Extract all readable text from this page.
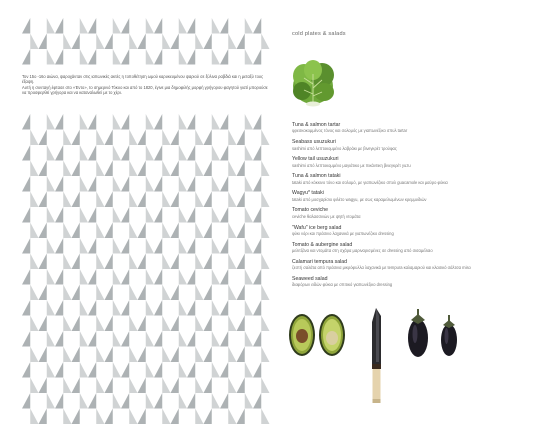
Τον 15ο -16ο αιώνα, ψαροχάνταν στις ιαπωνικές ακτές η τοποθέτηση ωμού καρυκευμένου ψαριού σε ξύλινα ραβδιά και η μεταξύ τους έξαψη.

Αυτή η συνταγή έφτασε στο «Έντο», το σημερινό Τόκυο και από το 1820, έγινε μια δημοφιλής μορφή γρήγορου φαγητού γιατί μπορούσε να προσφερθεί γρήγορα και να καταναλωθεί με το χέρι.

cold plates & salads
Tuna & salmon tartar
φρεσκοκομμένος τόνος και σολομός με γιαπωνέζικο σπυλ tartar
Seabass usuzukuri
sashimi από λεπτοκομμένο λαβράκι με βινεγκρέτ τρούφας
Yellow tail usuzukuri
sashimi από λεπτοκομμένο μαγιάτικο με πικάντικη βινεγκρέτ yuzu
Tuna & salmon tataki
tataki από κόκκινο τόνο και σολομό, με γιαπωνέζικο σπυλ guacamole και μαύρο φύκια
Wagyu* tataki
tataki από μοσχαρίσιο φιλέτο wagyu, με σως καραμελωμένων κρεμμυδιών
Tomato ceviche
ceviche θαλασσινών με ψητή ντομάτα
"Wafu" ice berg salad
φύκι νόρι και πράσινο λαχανικά με γιαπωνέζικο dressing
Tomato & aubergine salad
μελιτζάνα και ντομάτα στη σχάρα μαριναρισμένες σε dressing από σισαμέλαιο
Calamari tempura salad
ζεστή σαλάτα από πράσινα μικρόφυλλα λαχανικά με tempura καλαμαριού και κλασικό σάλτσα miso
Seaweed salad
διαφόρων ειδών φύκια με σπιτικό γιαπωνέζικο dressing
